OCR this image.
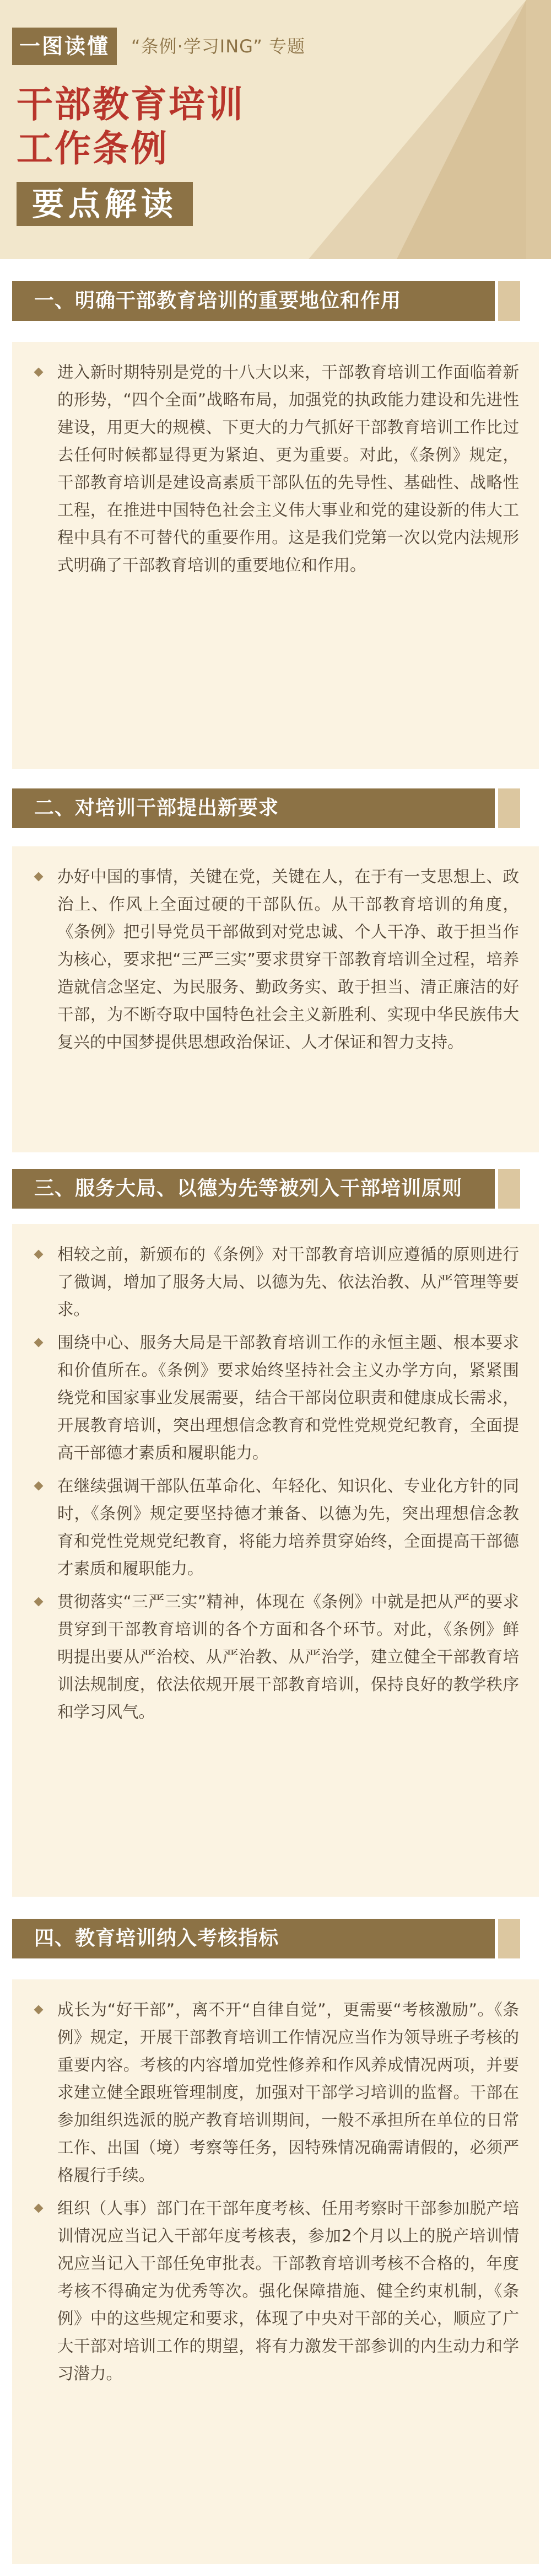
一图读懂	“条例·学习ING” 专题
干部教育培训
工作条例
要点解读
一、明确干部教育培训的重要地位和作用
进入新时期特别是党的十八大以来，干部教育培训工作面临着新的形势，“四个全面”战略布局，加强党的执政能力建设和先进性建设，用更大的规模、下更大的力气抓好干部教育培训工作比过去任何时候都显得更为紧迫、更为重要。对此，《条例》规定，干部教育培训是建设高素质干部队伍的先导性、基础性、战略性工程，在推进中国特色社会主义伟大事业和党的建设新的伟大工程中具有不可替代的重要作用。这是我们党第一次以党内法规形式明确了干部教育培训的重要地位和作用。
二、对培训干部提出新要求
办好中国的事情，关键在党，关键在人，在于有一支思想上、政治上、作风上全面过硬的干部队伍。从干部教育培训的角度，《条例》把引导党员干部做到对党忠诚、个人干净、敢于担当作为核心，要求把“三严三实”要求贯穿干部教育培训全过程，培养造就信念坚定、为民服务、勤政务实、敢于担当、清正廉洁的好干部，为不断夺取中国特色社会主义新胜利、实现中华民族伟大复兴的中国梦提供思想政治保证、人才保证和智力支持。
三、服务大局、以德为先等被列入干部培训原则
相较之前，新颁布的《条例》对干部教育培训应遵循的原则进行了微调，增加了服务大局、以德为先、依法治教、从严管理等要求。
围绕中心、服务大局是干部教育培训工作的永恒主题、根本要求和价值所在。《条例》要求始终坚持社会主义办学方向，紧紧围绕党和国家事业发展需要，结合干部岗位职责和健康成长需求，开展教育培训，突出理想信念教育和党性党规党纪教育，全面提高干部德才素质和履职能力。
在继续强调干部队伍革命化、年轻化、知识化、专业化方针的同时，《条例》规定要坚持德才兼备、以德为先，突出理想信念教育和党性党规党纪教育，将能力培养贯穿始终，全面提高干部德才素质和履职能力。
贯彻落实“三严三实”精神，体现在《条例》中就是把从严的要求贯穿到干部教育培训的各个方面和各个环节。对此，《条例》鲜明提出要从严治校、从严治教、从严治学，建立健全干部教育培训法规制度，依法依规开展干部教育培训，保持良好的教学秩序和学习风气。
四、教育培训纳入考核指标
成长为“好干部”，离不开“自律自觉”，更需要“考核激励”。《条例》规定，开展干部教育培训工作情况应当作为领导班子考核的重要内容。考核的内容增加党性修养和作风养成情况两项，并要求建立健全跟班管理制度，加强对干部学习培训的监督。干部在参加组织选派的脱产教育培训期间，一般不承担所在单位的日常工作、出国（境）考察等任务，因特殊情况确需请假的，必须严格履行手续。
组织（人事）部门在干部年度考核、任用考察时干部参加脱产培训情况应当记入干部年度考核表，参加2个月以上的脱产培训情况应当记入干部任免审批表。干部教育培训考核不合格的，年度考核不得确定为优秀等次。强化保障措施、健全约束机制，《条例》中的这些规定和要求，体现了中央对干部的关心，顺应了广大干部对培训工作的期望，将有力激发干部参训的内生动力和学习潜力。
